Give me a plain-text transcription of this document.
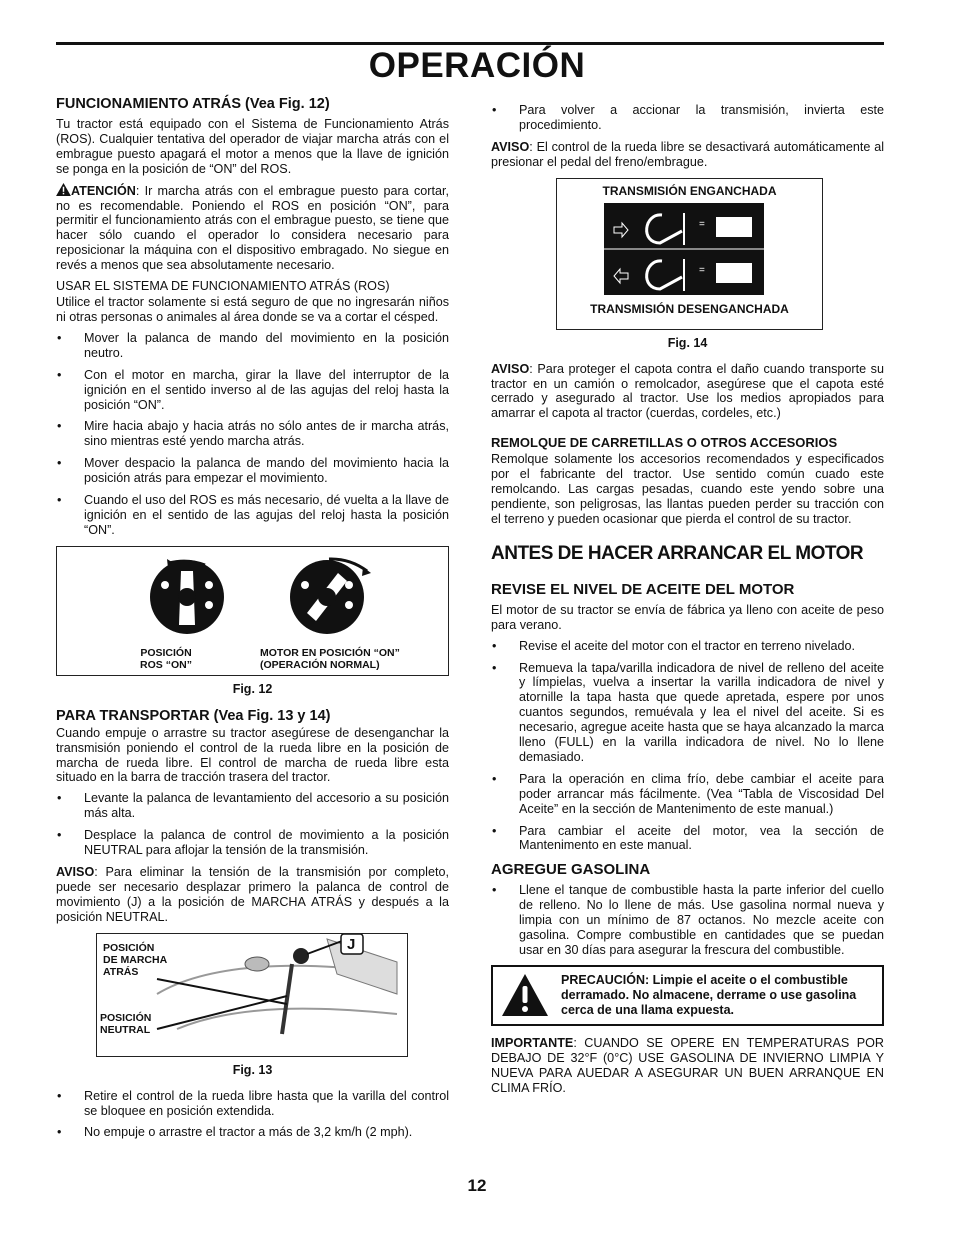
OPERACIÓN
FUNCIONAMIENTO ATRÁS (Vea Fig. 12)

Tu tractor está equipado con el Sistema de Funcionamiento Atrás (ROS). Cualquier tentativa del operador de viajar marcha atrás con el embrague puesto apagará el motor a menos que la llave de ignición se ponga en la posición de “ON” del ROS.

ATENCIÓN: Ir marcha atrás con el embrague puesto para cortar, no es recomendable. Poniendo el ROS en posición “ON”, para permitir el funcionamiento atrás con el embrague puesto, se tiene que hacer sólo cuando el operador lo considera necesario para reposicionar la máquina con el dispositivo embragado. No siegue en revés a menos que sea absolutamente necesario.

USAR EL SISTEMA DE FUNCIONAMIENTO ATRÁS (ROS)

Utilice el tractor solamente si está seguro de que no ingresarán niños ni otras personas o animales al área donde se va a cortar el césped.

• Mover la palanca de mando del movimiento en la posición neutro.
• Con el motor en marcha, girar la llave del interruptor de la ignición en el sentido inverso al de las agujas del reloj hasta la posición “ON”.
• Mire hacia abajo y hacia atrás no sólo antes de ir marcha atrás, sino mientras esté yendo marcha atrás.
• Mover despacio la palanca de mando del movimiento hacia la posición atrás para empezar el movimiento.
• Cuando el uso del ROS es más necesario, dé vuelta a la llave de ignición en el sentido de las agujas del reloj hasta la posición “ON”.
POSICIÓN
ROS “ON”
MOTOR EN POSICIÓN “ON”
(OPERACIÓN NORMAL)
Fig. 12
PARA TRANSPORTAR (Vea Fig. 13 y 14)

Cuando empuje o arrastre su tractor asegúrese de desenganchar la transmisión poniendo el control de la rueda libre en la posición de marcha de rueda libre. El control de marcha de rueda libre esta situado en la barra de tracción trasera del tractor.

• Levante la palanca de levantamiento del accesorio a su posición más alta.
• Desplace la palanca de control de movimiento a la posición NEUTRAL para aflojar la tensión de la transmisión.

AVISO: Para eliminar la tensión de la transmisión por completo, puede ser necesario desplazar primero la palanca de control de movimiento (J) a la posición de MARCHA ATRÁS y después a la posición NEUTRAL.

J
POSICIÓN
DE MARCHA
ATRÁS
POSICIÓN
NEUTRAL
Fig. 13
• Retire el control de la rueda libre hasta que la varilla del control se bloquee en posición extendida.
• No empuje o arrastre el tractor a más de 3,2 km/h (2 mph).
• Para volver a accionar la transmisión, invierta este procedimiento.

AVISO: El control de la rueda libre se desactivará automáticamente al presionar el pedal del freno/embrague.

TRANSMISIÓN ENGANCHADA
=
=
TRANSMISIÓN DESENGANCHADA
Fig. 14

AVISO: Para proteger el capota contra el daño cuando transporte su tractor en un camión o remolcador, asegúrese que el capota esté cerrado y asegurado al tractor. Use los medios apropiados para amarrar el capota al tractor (cuerdas, cordeles, etc.)

REMOLQUE DE CARRETILLAS O OTROS ACCESORIOS

Remolque solamente los accesorios recomendados y especificados por el fabricante del tractor. Use sentido común cuado este remolcando. Las cargas pesadas, cuando este yendo sobre una pendiente, son peligrosas, las llantas pueden perder su tracción con el terreno y pueden ocasionar que pierda el control de su tractor.

ANTES DE HACER ARRANCAR EL MOTOR
REVISE EL NIVEL DE ACEITE DEL MOTOR

El motor de su tractor se envía de fábrica ya lleno con aceite de peso para verano.

• Revise el aceite del motor con el tractor en terreno nivelado.
• Remueva la tapa/varilla indicadora de nivel de relleno del aceite y límpielas, vuelva a insertar la varilla indicadora de nivel y atornille la tapa hasta que quede apretada, espere por unos cuantos segundos, remuévala y lea el nivel del aceite. Si es necesario, agregue aceite hasta que se haya alcanzado la marca lleno (FULL) en la varilla indicadora de nivel. No lo llene demasiado.
• Para la operación en clima frío, debe cambiar el aceite para poder arrancar más fácilmente. (Vea “Tabla de Viscosidad Del Aceite” en la sección de Mantenimento de este manual.)
• Para cambiar el aceite del motor, vea la sección de Mantenimento en este manual.
AGREGUE GASOLINA
• Llene el tanque de combustible hasta la parte inferior del cuello de relleno. No lo llene de más. Use gasolina normal nueva y limpia con un mínimo de 87 octanos. No mezcle aceite con gasolina. Compre combustible en cantidades que se puedan usar en 30 días para asegurar la frescura del combustible.

PRECAUCIÓN: Limpie el aceite o el combustible derramado. No almacene, derrame o use gasolina cerca de una llama expuesta.

IMPORTANTE: CUANDO SE OPERE EN TEMPERATURAS POR DEBAJO DE 32°F (0°C) USE GASOLINA DE INVIERNO LIMPIA Y NUEVA PARA AUEDAR A ASEGURAR UN BUEN ARRANQUE EN CLIMA FRÍO.

12
